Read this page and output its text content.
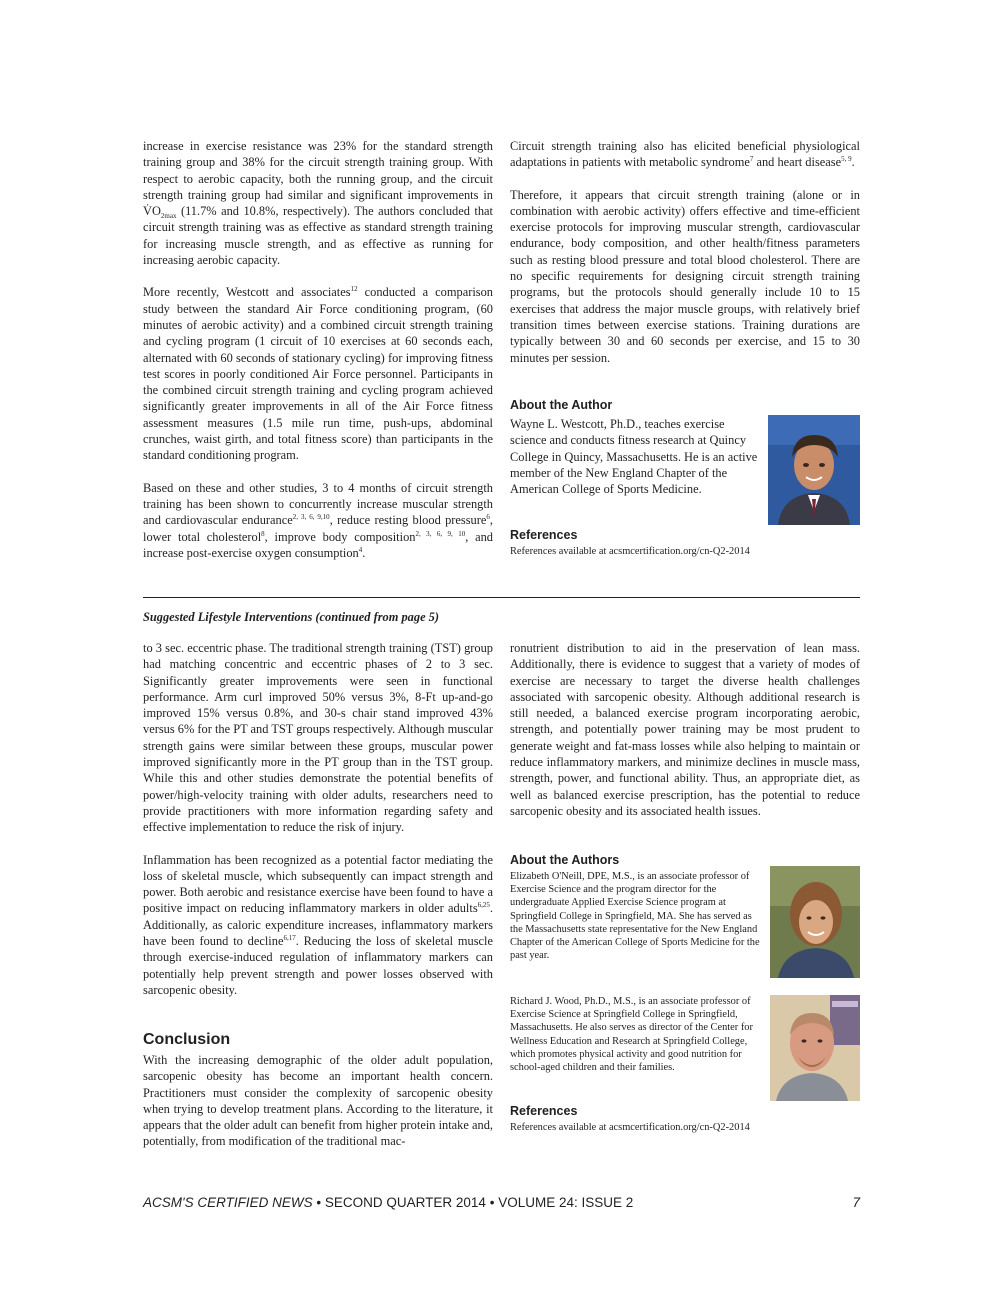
increase in exercise resistance was 23% for the standard strength training group and 38% for the circuit strength training group. With respect to aerobic capacity, both the running group, and the circuit strength training group had similar and significant improvements in $V̇O_{2max}$ (11.7% and 10.8%, respectively). The authors concluded that circuit strength training was as effective as standard strength training for increasing muscle strength, and as effective as running for increasing aerobic capacity.

More recently, Westcott and associates$^{12}$ conducted a comparison study between the standard Air Force conditioning program, (60 minutes of aerobic activity) and a combined circuit strength training and cycling program (1 circuit of 10 exercises at 60 seconds each, alternated with 60 seconds of stationary cycling) for improving fitness test scores in poorly conditioned Air Force personnel. Participants in the combined circuit strength training and cycling program achieved significantly greater improvements in all of the Air Force fitness assessment measures (1.5 mile run time, push-ups, abdominal crunches, waist girth, and total fitness score) than participants in the standard conditioning program.

Based on these and other studies, 3 to 4 months of circuit strength training has been shown to concurrently increase muscular strength and cardiovascular endurance$^{2, 3, 6, 9,10}$, reduce resting blood pressure$^6$, lower total cholesterol$^8$, improve body composition$^{2, 3, 6, 9, 10}$, and increase post-exercise oxygen consumption$^4$.

Circuit strength training also has elicited beneficial physiological adaptations in patients with metabolic syndrome$^7$ and heart disease$^{5, 9}$.

Therefore, it appears that circuit strength training (alone or in combination with aerobic activity) offers effective and time-efficient exercise protocols for improving muscular strength, cardiovascular endurance, body composition, and other health/fitness parameters such as resting blood pressure and total blood cholesterol. There are no specific requirements for designing circuit strength training programs, but the protocols should generally include 10 to 15 exercises that address the major muscle groups, with relatively brief transition times between exercise stations. Training durations are typically between 30 and 60 seconds per exercise, and 15 to 30 minutes per session.

About the Author

Wayne L. Westcott, Ph.D., teaches exercise science and conducts fitness research at Quincy College in Quincy, Massachusetts. He is an active member of the New England Chapter of the American College of Sports Medicine.

References

References available at acsmcertification.org/cn-Q2-2014

Suggested Lifestyle Interventions (continued from page 5)

to 3 sec. eccentric phase. The traditional strength training (TST) group had matching concentric and eccentric phases of 2 to 3 sec. Significantly greater improvements were seen in functional performance. Arm curl improved 50% versus 3%, 8-Ft up-and-go improved 15% versus 0.8%, and 30-s chair stand improved 43% versus 6% for the PT and TST groups respectively. Although muscular strength gains were similar between these groups, muscular power improved significantly more in the PT group than in the TST group. While this and other studies demonstrate the potential benefits of power/high-velocity training with older adults, researchers need to provide practitioners with more information regarding safety and effective implementation to reduce the risk of injury.

Inflammation has been recognized as a potential factor mediating the loss of skeletal muscle, which subsequently can impact strength and power. Both aerobic and resistance exercise have been found to have a positive impact on reducing inflammatory markers in older adults$^{6,25}$. Additionally, as caloric expenditure increases, inflammatory markers have been found to decline$^{6,17}$. Reducing the loss of skeletal muscle through exercise-induced regulation of inflammatory markers can potentially help prevent strength and power losses observed with sarcopenic obesity.

Conclusion

With the increasing demographic of the older adult population, sarcopenic obesity has become an important health concern. Practitioners must consider the complexity of sarcopenic obesity when trying to develop treatment plans. According to the literature, it appears that the older adult can benefit from higher protein intake and, potentially, from modification of the traditional mac-

ronutrient distribution to aid in the preservation of lean mass. Additionally, there is evidence to suggest that a variety of modes of exercise are necessary to target the diverse health challenges associated with sarcopenic obesity. Although additional research is still needed, a balanced exercise program incorporating aerobic, strength, and potentially power training may be most prudent to generate weight and fat-mass losses while also helping to maintain or reduce inflammatory markers, and minimize declines in muscle mass, strength, power, and functional ability. Thus, an appropriate diet, as well as balanced exercise prescription, has the potential to reduce sarcopenic obesity and its associated health issues.

About the Authors

Elizabeth O'Neill, DPE, M.S., is an associate professor of Exercise Science and the program director for the undergraduate Applied Exercise Science program at Springfield College in Springfield, MA. She has served as the Massachusetts state representative for the New England Chapter of the American College of Sports Medicine for the past year.

Richard J. Wood, Ph.D., M.S., is an associate professor of Exercise Science at Springfield College in Springfield, Massachusetts. He also serves as director of the Center for Wellness Education and Research at Springfield College, which promotes physical activity and good nutrition for school-aged children and their families.

References

References available at acsmcertification.org/cn-Q2-2014

ACSM'S CERTIFIED NEWS • SECOND QUARTER 2014 • VOLUME 24: ISSUE 2	7
